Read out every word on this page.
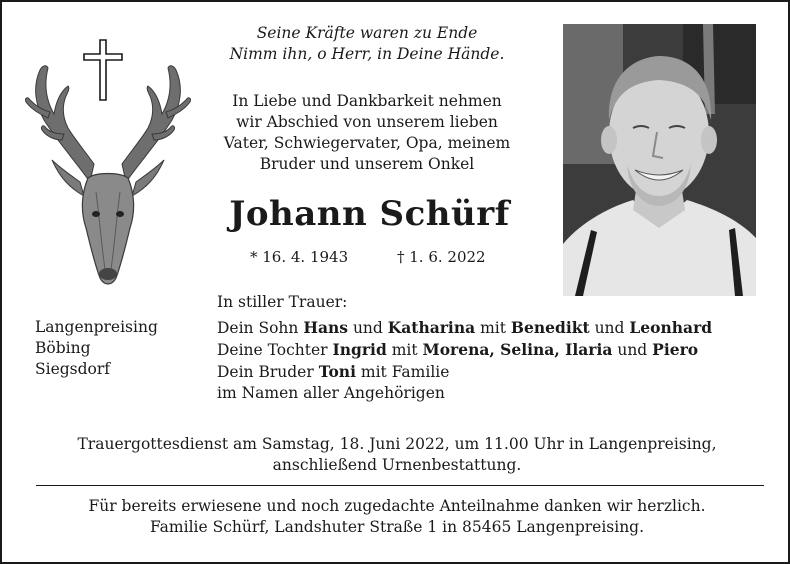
Seine Kräfte waren zu Ende
Nimm ihn, o Herr, in Deine Hände.
In Liebe und Dankbarkeit nehmen
wir Abschied von unserem lieben
Vater, Schwiegervater, Opa, meinem
Bruder und unserem Onkel
Johann Schürf
* 16. 4. 1943	† 1. 6. 2022
In stiller Trauer:
Langenpreising
Böbing
Siegsdorf
Dein Sohn Hans und Katharina mit Benedikt und Leonhard
Deine Tochter Ingrid mit Morena, Selina, Ilaria und Piero
Dein Bruder Toni mit Familie
im Namen aller Angehörigen
Trauergottesdienst am Samstag, 18. Juni 2022, um 11.00 Uhr in Langenpreising,
anschließend Urnenbestattung.
Für bereits erwiesene und noch zugedachte Anteilnahme danken wir herzlich.
Familie Schürf, Landshuter Straße 1 in 85465 Langenpreising.
